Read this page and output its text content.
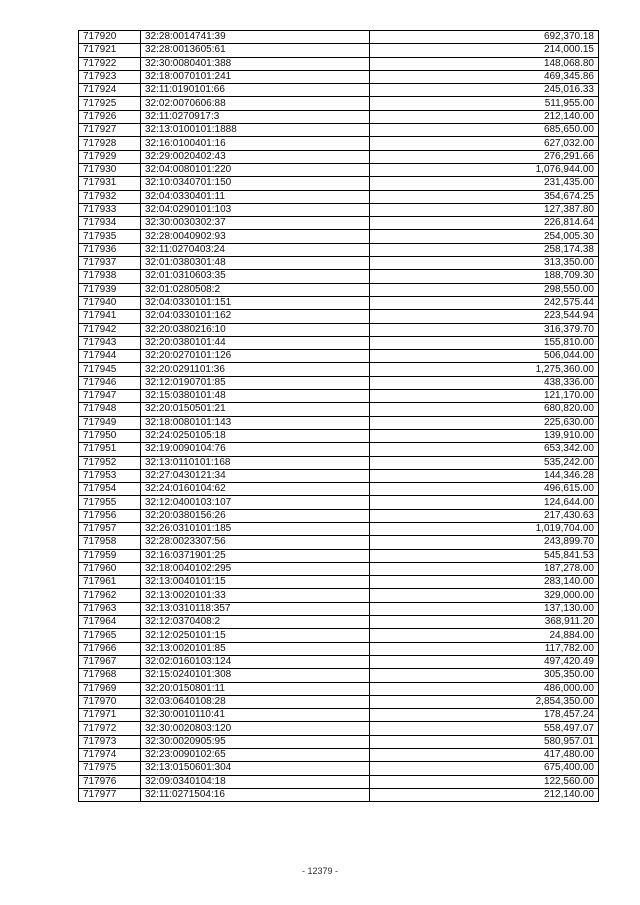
717920	32:28:0014741:39	692,370.18
717921	32:28:0013605:61	214,000.15
717922	32:30:0080401:388	148,068.80
717923	32:18:0070101:241	469,345.86
717924	32:11:0190101:66	245,016.33
717925	32:02:0070606:88	511,955.00
717926	32:11:0270917:3	212,140.00
717927	32:13:0100101:1888	685,650.00
717928	32:16:0100401:16	627,032.00
717929	32:29:0020402:43	276,291.66
717930	32:04:0080101:220	1,076,944.00
717931	32:10:0340701:150	231,435.00
717932	32:04:0330401:11	354,674.25
717933	32:04:0290101:103	127,387.80
717934	32:30:0030302:37	226,814.64
717935	32:28:0040902:93	254,005.30
717936	32:11:0270403:24	258,174.38
717937	32:01:0380301:48	313,350.00
717938	32:01:0310603:35	188,709.30
717939	32:01:0280508:2	298,550.00
717940	32:04:0330101:151	242,575.44
717941	32:04:0330101:162	223,544.94
717942	32:20:0380216:10	316,379.70
717943	32:20:0380101:44	155,810.00
717944	32:20:0270101:126	506,044.00
717945	32:20:0291101:36	1,275,360.00
717946	32:12:0190701:85	438,336.00
717947	32:15:0380101:48	121,170.00
717948	32:20:0150501:21	680,820.00
717949	32:18:0080101:143	225,630.00
717950	32:24:0250105:18	139,910.00
717951	32:19:0090104:76	653,342.00
717952	32:13:0110101:168	535,242.00
717953	32:27:0430121:34	144,346.28
717954	32:24:0160104:62	496,615.00
717955	32:12:0400103:107	124,644.00
717956	32:20:0380156:26	217,430.63
717957	32:26:0310101:185	1,019,704.00
717958	32:28:0023307:56	243,899.70
717959	32:16:0371901:25	545,841.53
717960	32:18:0040102:295	187,278.00
717961	32:13:0040101:15	283,140.00
717962	32:13:0020101:33	329,000.00
717963	32:13:0310118:357	137,130.00
717964	32:12:0370408:2	368,911.20
717965	32:12:0250101:15	24,884.00
717966	32:13:0020101:85	117,782.00
717967	32:02:0160103:124	497,420.49
717968	32:15:0240101:308	305,350.00
717969	32:20:0150801:11	486,000.00
717970	32:03:0640108:28	2,854,350.00
717971	32:30:0010110:41	178,457.24
717972	32:30:0020803:120	558,497.07
717973	32:30:0020905:95	580,957.01
717974	32:23:0090102:65	417,480.00
717975	32:13:0150601:304	675,400.00
717976	32:09:0340104:18	122,560.00
717977	32:11:0271504:16	212,140.00
- 12379 -
